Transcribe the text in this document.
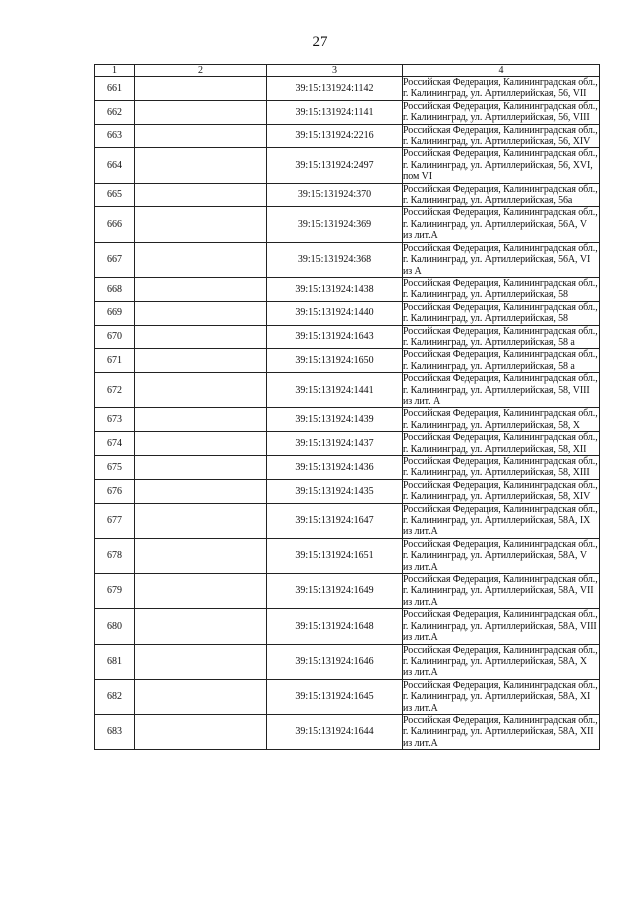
27
1	2	3	4
661		39:15:131924:1142	Российская Федерация, Калининградская обл.,
г. Калининград, ул. Артиллерийская, 56, VII

662		39:15:131924:1141	Российская Федерация, Калининградская обл.,
г. Калининград, ул. Артиллерийская, 56, VIII

663		39:15:131924:2216	Российская Федерация, Калининградская обл.,
г. Калининград, ул. Артиллерийская, 56, XIV

664		39:15:131924:2497	Российская Федерация, Калининградская обл.,
г. Калининград, ул. Артиллерийская, 56, XVI,
пом VI

665		39:15:131924:370	Российская Федерация, Калининградская обл.,
г. Калининград, ул. Артиллерийская, 56а

666		39:15:131924:369	Российская Федерация, Калининградская обл.,
г. Калининград, ул. Артиллерийская, 56А, V
из лит.А

667		39:15:131924:368	Российская Федерация, Калининградская обл.,
г. Калининград, ул. Артиллерийская, 56А, VI
из А

668		39:15:131924:1438	Российская Федерация, Калининградская обл.,
г. Калининград, ул. Артиллерийская, 58

669		39:15:131924:1440	Российская Федерация, Калининградская обл.,
г. Калининград, ул. Артиллерийская, 58

670		39:15:131924:1643	Российская Федерация, Калининградская обл.,
г. Калининград, ул. Артиллерийская, 58 а

671		39:15:131924:1650	Российская Федерация, Калининградская обл.,
г. Калининград, ул. Артиллерийская, 58 а

672		39:15:131924:1441	Российская Федерация, Калининградская обл.,
г. Калининград, ул. Артиллерийская, 58, VIII
из лит. А

673		39:15:131924:1439	Российская Федерация, Калининградская обл.,
г. Калининград, ул. Артиллерийская, 58, X

674		39:15:131924:1437	Российская Федерация, Калининградская обл.,
г. Калининград, ул. Артиллерийская, 58, XII

675		39:15:131924:1436	Российская Федерация, Калининградская обл.,
г. Калининград, ул. Артиллерийская, 58, XIII

676		39:15:131924:1435	Российская Федерация, Калининградская обл.,
г. Калининград, ул. Артиллерийская, 58, XIV

677		39:15:131924:1647	Российская Федерация, Калининградская обл.,
г. Калининград, ул. Артиллерийская, 58А, IX
из лит.А

678		39:15:131924:1651	Российская Федерация, Калининградская обл.,
г. Калининград, ул. Артиллерийская, 58А, V
из лит.А

679		39:15:131924:1649	Российская Федерация, Калининградская обл.,
г. Калининград, ул. Артиллерийская, 58А, VII
из лит.А

680		39:15:131924:1648	Российская Федерация, Калининградская обл.,
г. Калининград, ул. Артиллерийская, 58А, VIII
из лит.А

681		39:15:131924:1646	Российская Федерация, Калининградская обл.,
г. Калининград, ул. Артиллерийская, 58А, X
из лит.А

682		39:15:131924:1645	Российская Федерация, Калининградская обл.,
г. Калининград, ул. Артиллерийская, 58А, XI
из лит.А

683		39:15:131924:1644	Российская Федерация, Калининградская обл.,
г. Калининград, ул. Артиллерийская, 58А, XII
из лит.А
